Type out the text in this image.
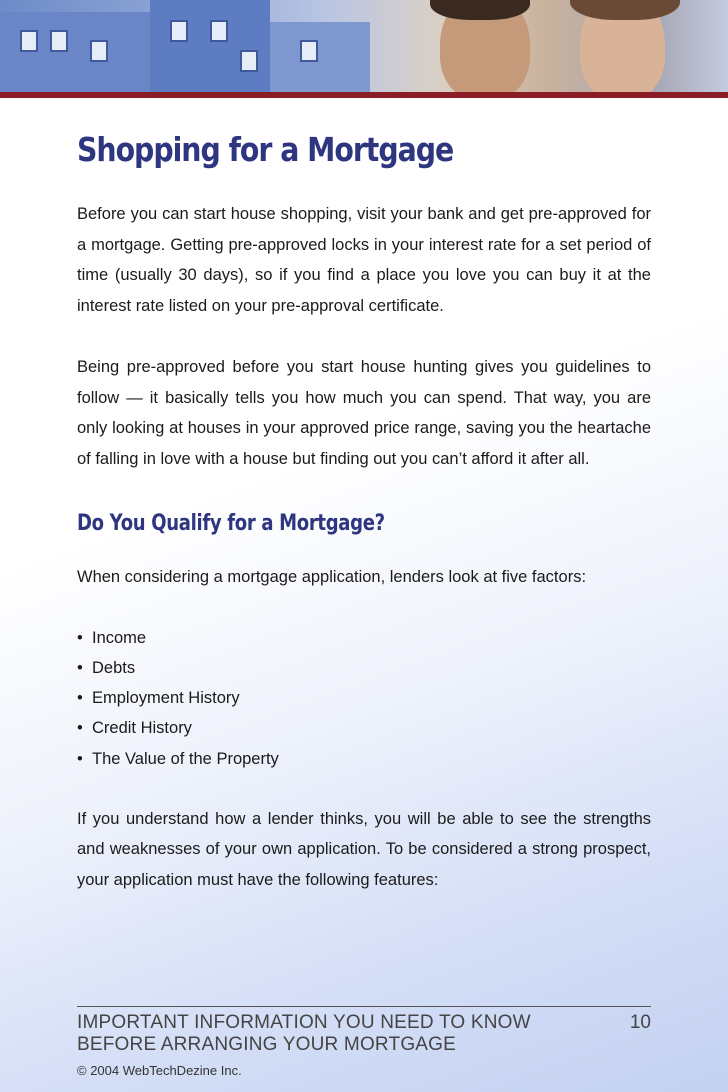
Shopping for a Mortgage

Before you can start house shopping, visit your bank and get pre-approved for a mortgage. Getting pre-approved locks in your interest rate for a set period of time (usually 30 days), so if you find a place you love you can buy it at the interest rate listed on your pre-approval certificate.

Being pre-approved before you start house hunting gives you guidelines to follow — it basically tells you how much you can spend. That way, you are only looking at houses in your approved price range, saving you the heartache of falling in love with a house but finding out you can’t afford it after all.

Do You Qualify for a Mortgage?

When considering a mortgage application, lenders look at five factors:

• Income
• Debts
• Employment History
• Credit History
• The Value of the Property

If you understand how a lender thinks, you will be able to see the strengths and weaknesses of your own application. To be considered a strong prospect, your application must have the following features:

IMPORTANT INFORMATION YOU NEED TO KNOW
BEFORE ARRANGING YOUR MORTGAGE
10
© 2004 WebTechDezine Inc.
